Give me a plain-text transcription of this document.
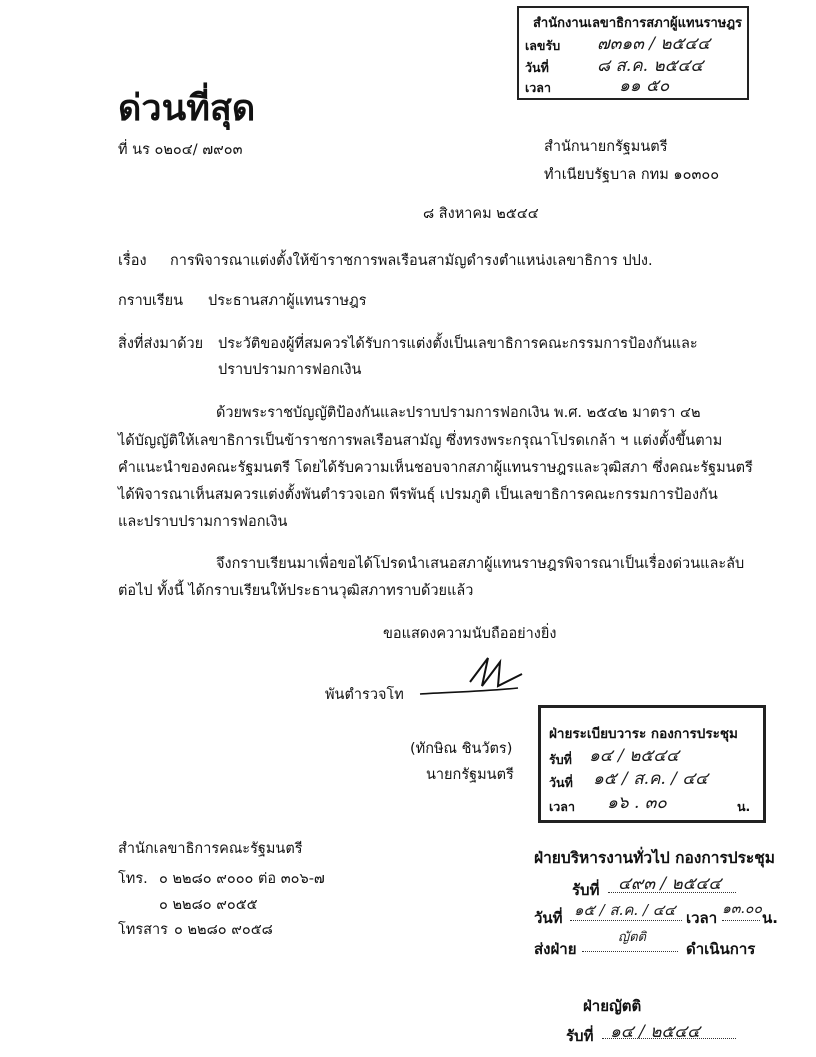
สำนักงานเลขาธิการสภาผู้แทนราษฎร
เลขรับ ๗๓๑๓ / ๒๕๔๔
วันที่	๘ ส.ค. ๒๕๔๔
เวลา	๑๑ ๕๐
ด่วนที่สุด
ที่ นร ๐๒๐๔/ ๗๙๐๓	สำนักนายกรัฐมนตรี
ทำเนียบรัฐบาล กทม ๑๐๓๐๐
๘ สิงหาคม ๒๕๔๔
เรื่อง การพิจารณาแต่งตั้งให้ข้าราชการพลเรือนสามัญดำรงตำแหน่งเลขาธิการ ปปง.
กราบเรียน ประธานสภาผู้แทนราษฎร
สิ่งที่ส่งมาด้วย ประวัติของผู้ที่สมควรได้รับการแต่งตั้งเป็นเลขาธิการคณะกรรมการป้องกันและ
ปราบปรามการฟอกเงิน
ด้วยพระราชบัญญัติป้องกันและปราบปรามการฟอกเงิน พ.ศ. ๒๕๔๒ มาตรา ๔๒
ได้บัญญัติให้เลขาธิการเป็นข้าราชการพลเรือนสามัญ ซึ่งทรงพระกรุณาโปรดเกล้า ฯ แต่งตั้งขึ้นตาม
คำแนะนำของคณะรัฐมนตรี โดยได้รับความเห็นชอบจากสภาผู้แทนราษฎรและวุฒิสภา ซึ่งคณะรัฐมนตรี
ได้พิจารณาเห็นสมควรแต่งตั้งพันตำรวจเอก พีรพันธุ์ เปรมภูติ เป็นเลขาธิการคณะกรรมการป้องกัน
และปราบปรามการฟอกเงิน
จึงกราบเรียนมาเพื่อขอได้โปรดนำเสนอสภาผู้แทนราษฎรพิจารณาเป็นเรื่องด่วนและลับ
ต่อไป ทั้งนี้ ได้กราบเรียนให้ประธานวุฒิสภาทราบด้วยแล้ว
ขอแสดงความนับถืออย่างยิ่ง
พันตำรวจโท
(ทักษิณ ชินวัตร)
นายกรัฐมนตรี
ฝ่ายระเบียบวาระ กองการประชุม
รับที่ ๑๔ / ๒๕๔๔
วันที่ ๑๕ / ส.ค. / ๔๔
เวลา ๑๖ . ๓๐	น.
สำนักเลขาธิการคณะรัฐมนตรี
โทร. ๐ ๒๒๘๐ ๙๐๐๐ ต่อ ๓๐๖-๗
๐ ๒๒๘๐ ๙๐๕๕
โทรสาร ๐ ๒๒๘๐ ๙๐๕๘
ฝ่ายบริหารงานทั่วไป กองการประชุม
รับที่ ๔๙๓ / ๒๕๔๔
วันที่ ๑๕ / ส.ค. / ๔๔ เวลา ๑๓.๐๐ น.
ส่งฝ่าย
ญัตติ
ดำเนินการ
ฝ่ายญัตติ
รับที่ ๑๔ / ๒๕๔๔
